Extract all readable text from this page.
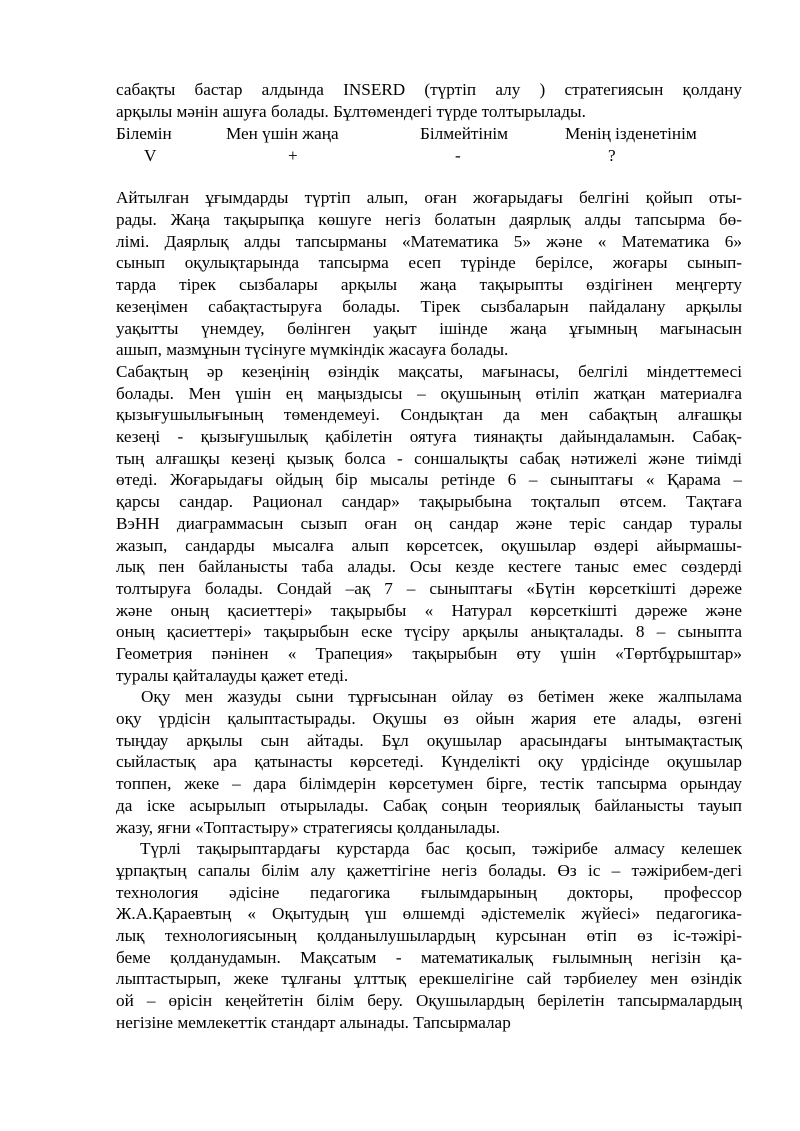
сабақты бастар алдында INSERD (түртіп алу ) стратегиясын қолдану
арқылы мәнін ашуға болады. Бұлтөмендегі түрде толтырылады.
Білемін	Мен үшін жаңа	Білмейтінім	Менің ізденетінім
V	+	-	?
Айтылған ұғымдарды түртіп алып, оған жоғарыдағы белгіні қойып оты-
рады. Жаңа тақырыпқа көшуге негіз болатын даярлық алды тапсырма бө-
лімі. Даярлық алды тапсырманы «Математика 5» және « Математика 6»
сынып оқулықтарында тапсырма есеп түрінде берілсе, жоғары сынып-
тарда тірек сызбалары арқылы жаңа тақырыпты өздігінен меңгерту
кезеңімен сабақтастыруға болады. Тірек сызбаларын пайдалану арқылы
уақытты үнемдеу, бөлінген уақыт ішінде жаңа ұғымның мағынасын
ашып, мазмұнын түсінуге мүмкіндік жасауға болады.
Сабақтың әр кезеңінің өзіндік мақсаты, мағынасы, белгілі міндеттемесі
болады. Мен үшін ең маңыздысы – оқушының өтіліп жатқан материалға
қызығушылығының төмендемеуі. Сондықтан да мен сабақтың алғашқы
кезеңі - қызығушылық қабілетін оятуға тиянақты дайындаламын. Сабақ-
тың алғашқы кезеңі қызық болса - соншалықты сабақ нәтижелі және тиімді
өтеді. Жоғарыдағы ойдың бір мысалы ретінде 6 – сыныптағы « Қарама –
қарсы сандар. Рационал сандар» тақырыбына тоқталып өтсем. Тақтаға
ВэНН диаграммасын сызып оған оң сандар және теріс сандар туралы
жазып, сандарды мысалға алып көрсетсек, оқушылар өздері айырмашы-
лық пен байланысты таба алады. Осы кезде кестеге таныс емес сөздерді
толтыруға болады. Сондай –ақ 7 – сыныптағы «Бүтін көрсеткішті дәреже
және оның қасиеттері» тақырыбы « Натурал көрсеткішті дәреже және
оның қасиеттері» тақырыбын еске түсіру арқылы анықталады. 8 – сыныпта
Геометрия пәнінен « Трапеция» тақырыбын өту үшін «Төртбұрыштар»
туралы қайталауды қажет етеді.
Оқу мен жазуды сыни тұрғысынан ойлау өз бетімен жеке жалпылама
оқу үрдісін қалыптастырады. Оқушы өз ойын жария ете алады, өзгені
тыңдау арқылы сын айтады. Бұл оқушылар арасындағы ынтымақтастық
сыйластық ара қатынасты көрсетеді. Күнделікті оқу үрдісінде оқушылар
топпен, жеке – дара білімдерін көрсетумен бірге, тестік тапсырма орындау
да іске асырылып отырылады. Сабақ соңын теориялық байланысты тауып
жазу, яғни «Топтастыру» стратегиясы қолданылады.
Түрлі тақырыптардағы курстарда бас қосып, тәжірибе алмасу келешек
ұрпақтың сапалы білім алу қажеттігіне негіз болады. Өз іс – тәжірибем-дегі
технология әдісіне педагогика ғылымдарының докторы, профессор
Ж.А.Қараевтың « Оқытудың үш өлшемді әдістемелік жүйесі» педагогика-
лық технологиясының қолданылушылардың курсынан өтіп өз іс-тәжірі-
беме қолданудамын. Мақсатым - математикалық ғылымның негізін қа-
лыптастырып, жеке тұлғаны ұлттық ерекшелігіне сай тәрбиелеу мен өзіндік
ой – өрісін кеңейтетін білім беру. Оқушылардың берілетін тапсырмалардың
негізіне мемлекеттік стандарт алынады. Тапсырмалар
